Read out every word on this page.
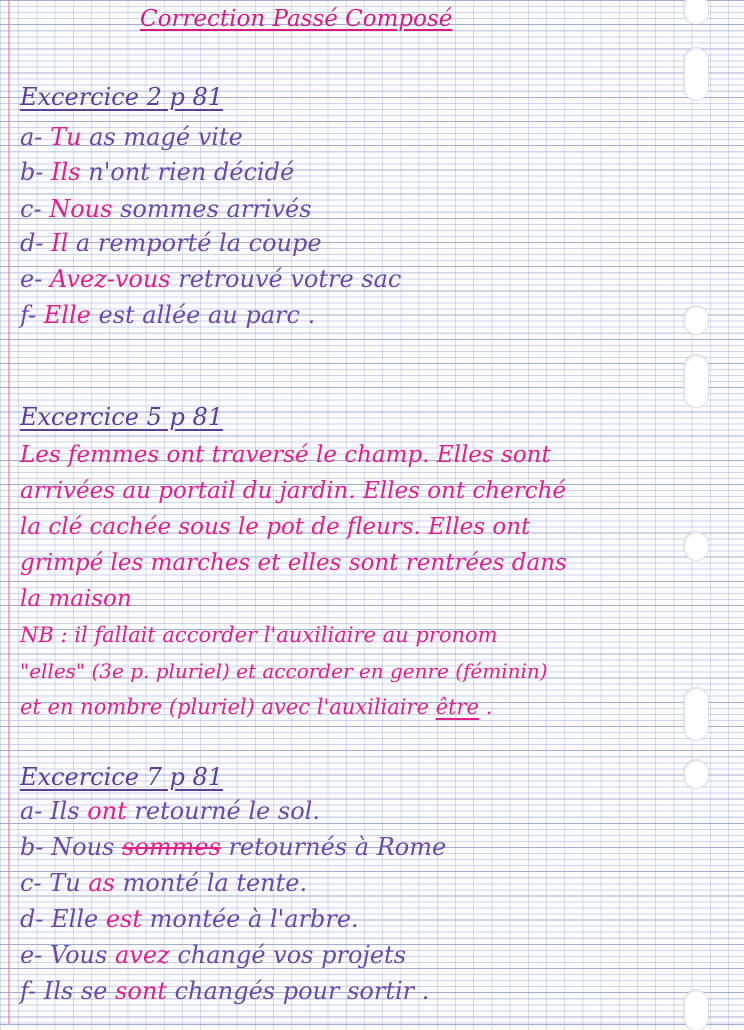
Correction Passé Composé
Excercice 2 p 81
a- Tu as magé vite
b- Ils n'ont rien décidé
c- Nous sommes arrivés
d- Il a remporté la coupe
e- Avez-vous retrouvé votre sac
f- Elle est allée au parc .
Excercice 5 p 81
Les femmes ont traversé le champ. Elles sont
arrivées au portail du jardin. Elles ont cherché
la clé cachée sous le pot de fleurs. Elles ont
grimpé les marches et elles sont rentrées dans
la maison
NB : il fallait accorder l'auxiliaire au pronom
"elles" (3e p. pluriel) et accorder en genre (féminin)
et en nombre (pluriel) avec l'auxiliaire être .
Excercice 7 p 81
a- Ils ont retourné le sol.
b- Nous sommes retournés à Rome
c- Tu as monté la tente.
d- Elle est montée à l'arbre.
e- Vous avez changé vos projets
f- Ils se sont changés pour sortir .
